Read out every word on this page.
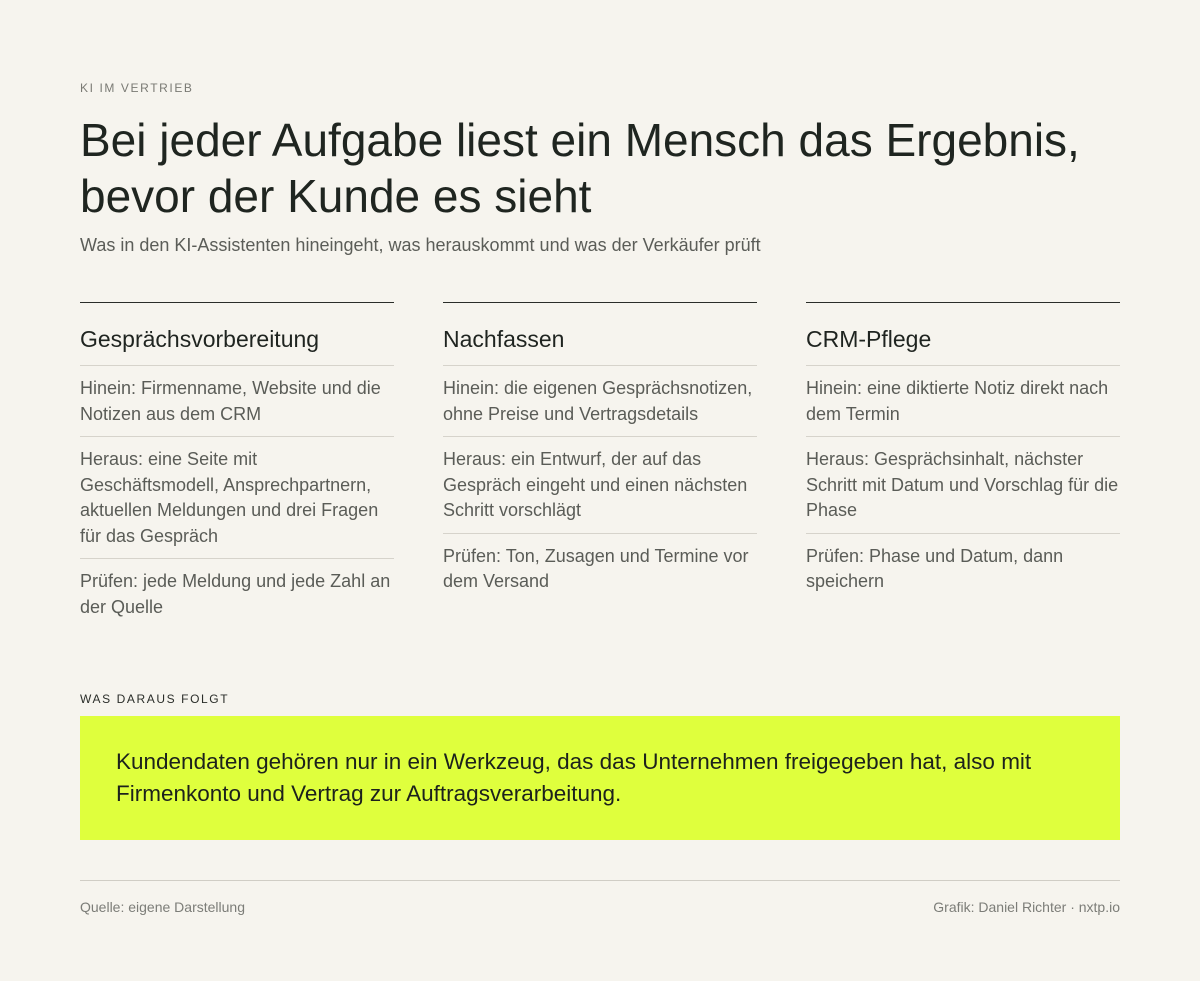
KI IM VERTRIEB
Bei jeder Aufgabe liest ein Mensch das Ergebnis, bevor der Kunde es sieht
Was in den KI-Assistenten hineingeht, was herauskommt und was der Verkäufer prüft
Gesprächsvorbereitung
Hinein: Firmenname, Website und die Notizen aus dem CRM
Heraus: eine Seite mit Geschäftsmodell, Ansprechpartnern, aktuellen Meldungen und drei Fragen für das Gespräch
Prüfen: jede Meldung und jede Zahl an der Quelle
Nachfassen
Hinein: die eigenen Gesprächsnotizen, ohne Preise und Vertragsdetails
Heraus: ein Entwurf, der auf das Gespräch eingeht und einen nächsten Schritt vorschlägt
Prüfen: Ton, Zusagen und Termine vor dem Versand
CRM-Pflege
Hinein: eine diktierte Notiz direkt nach dem Termin
Heraus: Gesprächsinhalt, nächster Schritt mit Datum und Vorschlag für die Phase
Prüfen: Phase und Datum, dann speichern
WAS DARAUS FOLGT
Kundendaten gehören nur in ein Werkzeug, das das Unternehmen freigegeben hat, also mit Firmenkonto und Vertrag zur Auftragsverarbeitung.
Quelle: eigene Darstellung	Grafik: Daniel Richter · nxtp.io
